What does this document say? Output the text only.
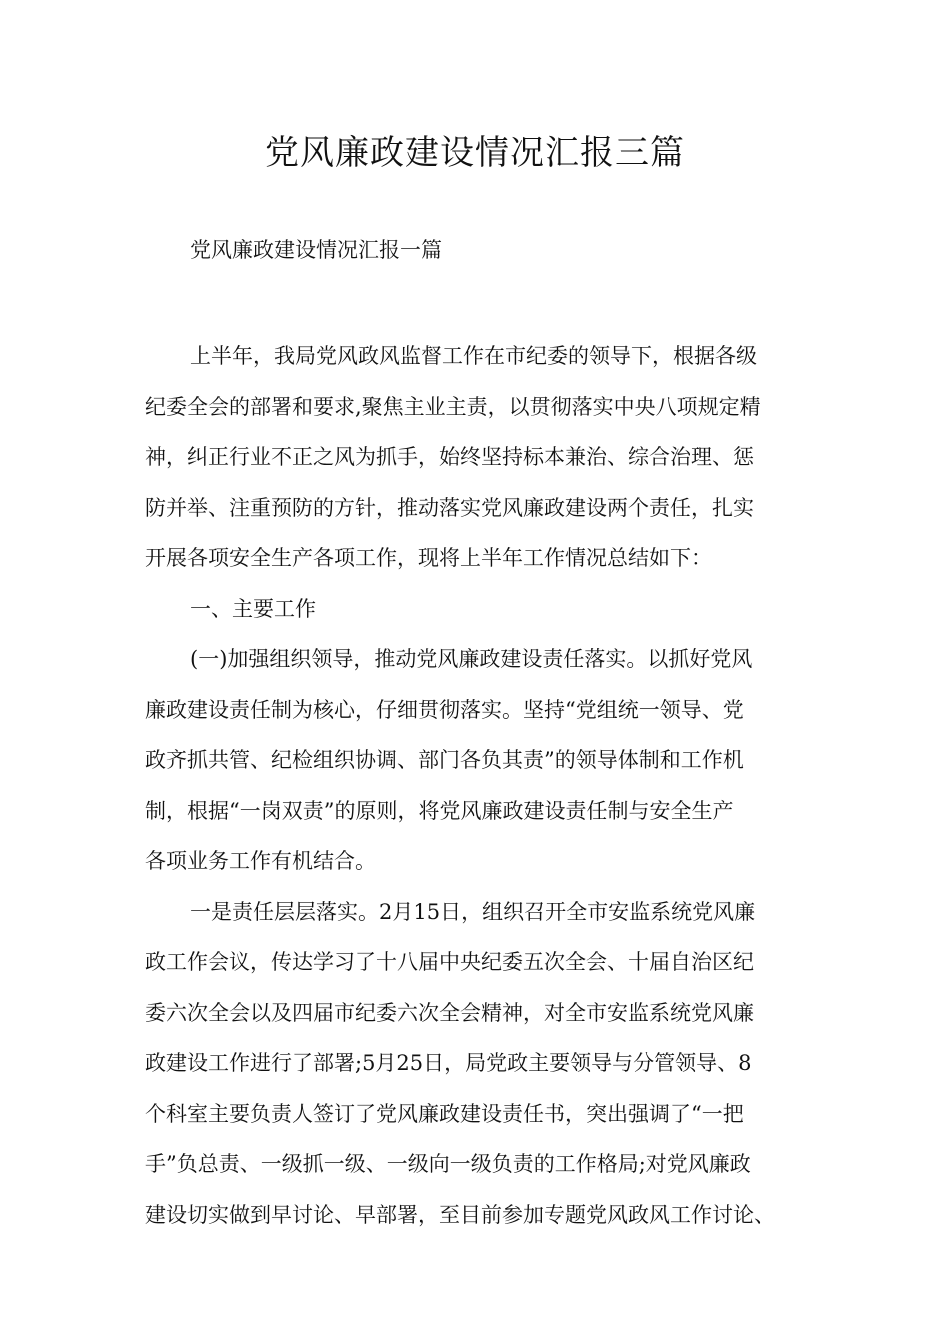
党风廉政建设情况汇报三篇

党风廉政建设情况汇报一篇

上半年，我局党风政风监督工作在市纪委的领导下，根据各级
纪委全会的部署和要求,聚焦主业主责，以贯彻落实中央八项规定精
神，纠正行业不正之风为抓手，始终坚持标本兼治、综合治理、惩
防并举、注重预防的方针，推动落实党风廉政建设两个责任，扎实
开展各项安全生产各项工作，现将上半年工作情况总结如下：
一、主要工作
(一)加强组织领导，推动党风廉政建设责任落实。以抓好党风
廉政建设责任制为核心，仔细贯彻落实。坚持“党组统一领导、党
政齐抓共管、纪检组织协调、部门各负其责”的领导体制和工作机
制，根据“一岗双责”的原则，将党风廉政建设责任制与安全生产
各项业务工作有机结合。
一是责任层层落实。2月15日，组织召开全市安监系统党风廉
政工作会议，传达学习了十八届中央纪委五次全会、十届自治区纪
委六次全会以及四届市纪委六次全会精神，对全市安监系统党风廉
政建设工作进行了部署;5月25日，局党政主要领导与分管领导、8
个科室主要负责人签订了党风廉政建设责任书，突出强调了“一把
手”负总责、一级抓一级、一级向一级负责的工作格局;对党风廉政
建设切实做到早讨论、早部署，至目前参加专题党风政风工作讨论、
